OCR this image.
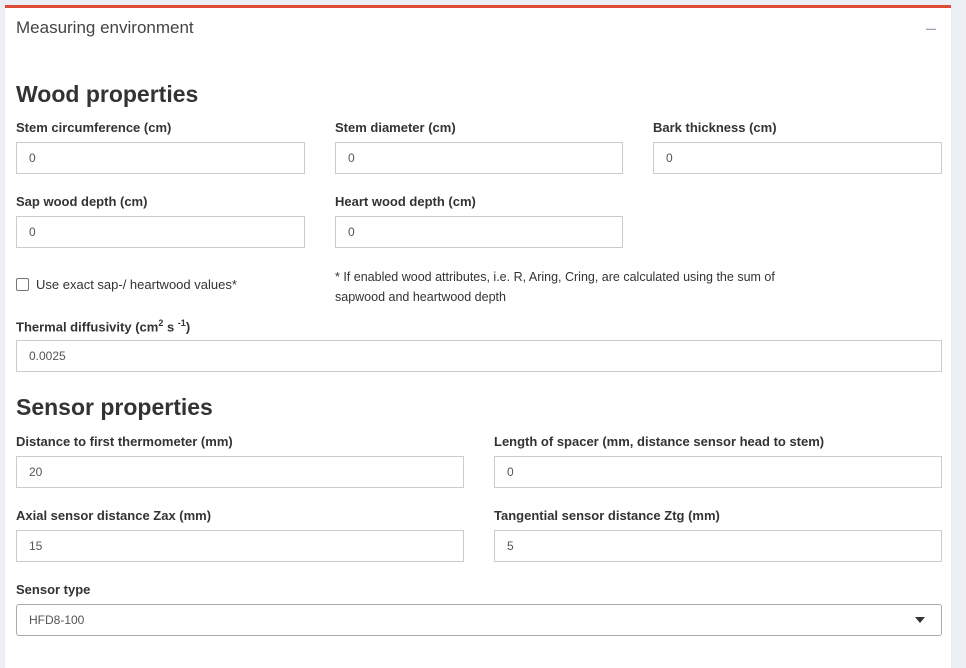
Measuring environment	–
Wood properties
Stem circumference (cm)
0
Stem diameter (cm)
0
Bark thickness (cm)
0
Sap wood depth (cm)
0
Heart wood depth (cm)
0
Use exact sap-/ heartwood values*	* If enabled wood attributes, i.e. R, Aring, Cring, are calculated using the sum of sapwood and heartwood depth
Thermal diffusivity ($cm^2$ s $^{-1}$)
0.0025
Sensor properties
Distance to first thermometer (mm)
20
Length of spacer (mm, distance sensor head to stem)
0
Axial sensor distance Zax (mm)
15
Tangential sensor distance Ztg (mm)
5
Sensor type
HFD8-100
